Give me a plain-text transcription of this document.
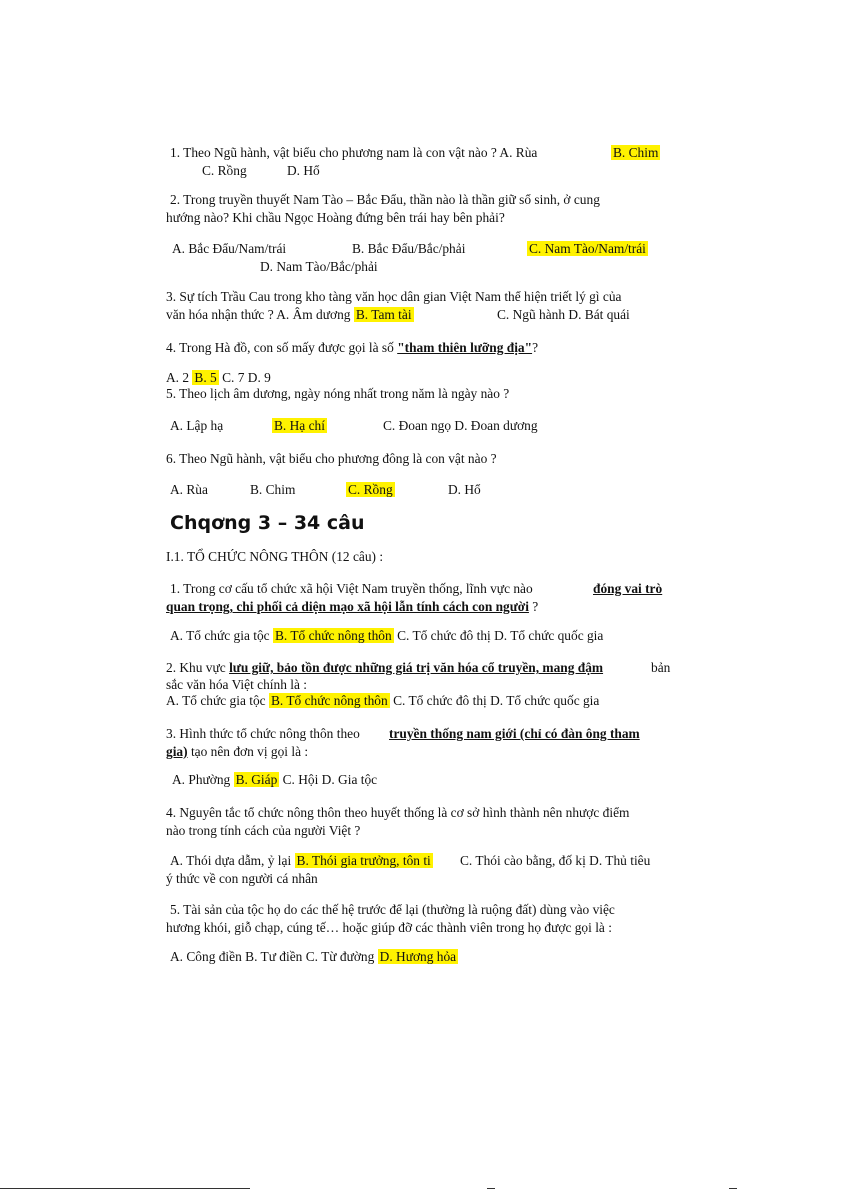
1. Theo Ngũ hành, vật biểu cho phương nam là con vật nào ? A. Rùa	B. Chim
C. Rồng	D. Hổ
2. Trong truyền thuyết Nam Tào – Bắc Đẩu, thần nào là thần giữ sổ sinh, ở cung
hướng nào? Khi chầu Ngọc Hoàng đứng bên trái hay bên phải?
A. Bắc Đẩu/Nam/trái	B. Bắc Đẩu/Bắc/phải	C. Nam Tào/Nam/trái
D. Nam Tào/Bắc/phải
3. Sự tích Trầu Cau trong kho tàng văn học dân gian Việt Nam thể hiện triết lý gì của
văn hóa nhận thức ? A. Âm dương B. Tam tài	C. Ngũ hành D. Bát quái
4. Trong Hà đồ, con số mấy được gọi là số "tham thiên lưỡng địa"?
A. 2 B. 5 C. 7 D. 9
5. Theo lịch âm dương, ngày nóng nhất trong năm là ngày nào ?
A. Lập hạ	B. Hạ chí	C. Đoan ngọ D. Đoan dương
6. Theo Ngũ hành, vật biểu cho phương đông là con vật nào ?
A. Rùa	B. Chim	C. Rồng	D. Hổ
Chqơng 3 – 34 câu
I.1. TỔ CHỨC NÔNG THÔN (12 câu) :
1. Trong cơ cấu tổ chức xã hội Việt Nam truyền thống, lĩnh vực nào	đóng vai trò
quan trọng, chi phối cả diện mạo xã hội lẫn tính cách con người ?
A. Tổ chức gia tộc B. Tổ chức nông thôn C. Tổ chức đô thị D. Tổ chức quốc gia
2. Khu vực lưu giữ, bảo tồn được những giá trị văn hóa cổ truyền, mang đậm	bản
sắc văn hóa Việt chính là :
A. Tổ chức gia tộc B. Tổ chức nông thôn C. Tổ chức đô thị D. Tổ chức quốc gia
3. Hình thức tổ chức nông thôn theo truyền thống nam giới (chỉ có đàn ông tham
gia) tạo nên đơn vị gọi là :
A. Phường B. Giáp C. Hội D. Gia tộc
4. Nguyên tắc tổ chức nông thôn theo huyết thống là cơ sở hình thành nên nhược điểm
nào trong tính cách của người Việt ?
A. Thói dựa dẫm, ỷ lại B. Thói gia trưởng, tôn ti C. Thói cào bằng, đố kị D. Thủ tiêu
ý thức về con người cá nhân
5. Tài sản của tộc họ do các thế hệ trước để lại (thường là ruộng đất) dùng vào việc
hương khói, giỗ chạp, cúng tế… hoặc giúp đỡ các thành viên trong họ được gọi là :
A. Công điền B. Tư điền C. Từ đường D. Hương hỏa
